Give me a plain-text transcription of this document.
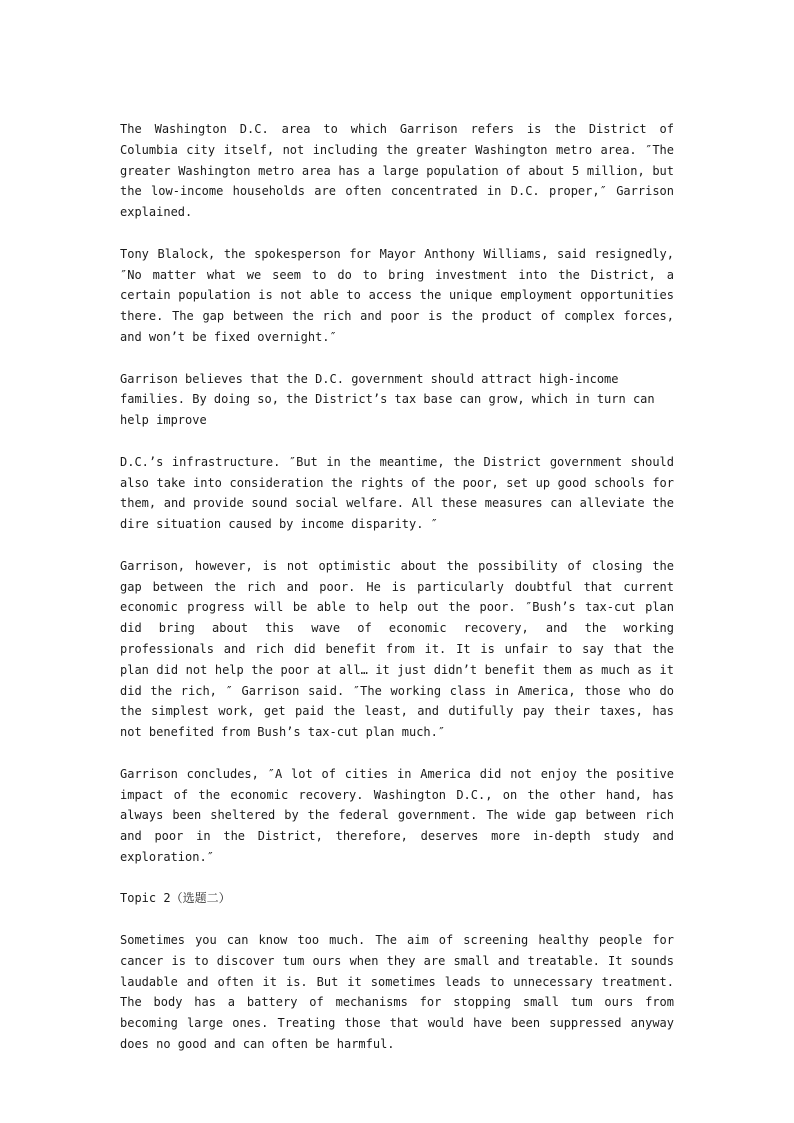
The Washington D.C. area to which Garrison refers is the District of Columbia city itself, not including the greater Washington metro area. ″The greater Washington metro area has a large population of about 5 million, but the low-income households are often concentrated in D.C. proper,″ Garrison explained.

Tony Blalock, the spokesperson for Mayor Anthony Williams, said resignedly, ″No matter what we seem to do to bring investment into the District, a certain population is not able to access the unique employment opportunities there. The gap between the rich and poor is the product of complex forces, and won’t be fixed overnight.″

Garrison believes that the D.C. government should attract high-income families. By doing so, the District’s tax base can grow, which in turn can help improve

D.C.’s infrastructure. ″But in the meantime, the District government should also take into consideration the rights of the poor, set up good schools for them, and provide sound social welfare. All these measures can alleviate the dire situation caused by income disparity. ″

Garrison, however, is not optimistic about the possibility of closing the gap between the rich and poor. He is particularly doubtful that current economic progress will be able to help out the poor. ″Bush’s tax-cut plan did bring about this wave of economic recovery, and the working professionals and rich did benefit from it. It is unfair to say that the plan did not help the poor at all… it just didn’t benefit them as much as it did the rich, ″ Garrison said. ″The working class in America, those who do the simplest work, get paid the least, and dutifully pay their taxes, has not benefited from Bush’s tax-cut plan much.″

Garrison concludes, ″A lot of cities in America did not enjoy the positive impact of the economic recovery. Washington D.C., on the other hand, has always been sheltered by the federal government. The wide gap between rich and poor in the District, therefore, deserves more in-depth study and exploration.″

Topic 2（选题二）

Sometimes you can know too much. The aim of screening healthy people for cancer is to discover tum ours when they are small and treatable. It sounds laudable and often it is. But it sometimes leads to unnecessary treatment. The body has a battery of mechanisms for stopping small tum ours from becoming large ones. Treating those that would have been suppressed anyway does no good and can often be harmful.
